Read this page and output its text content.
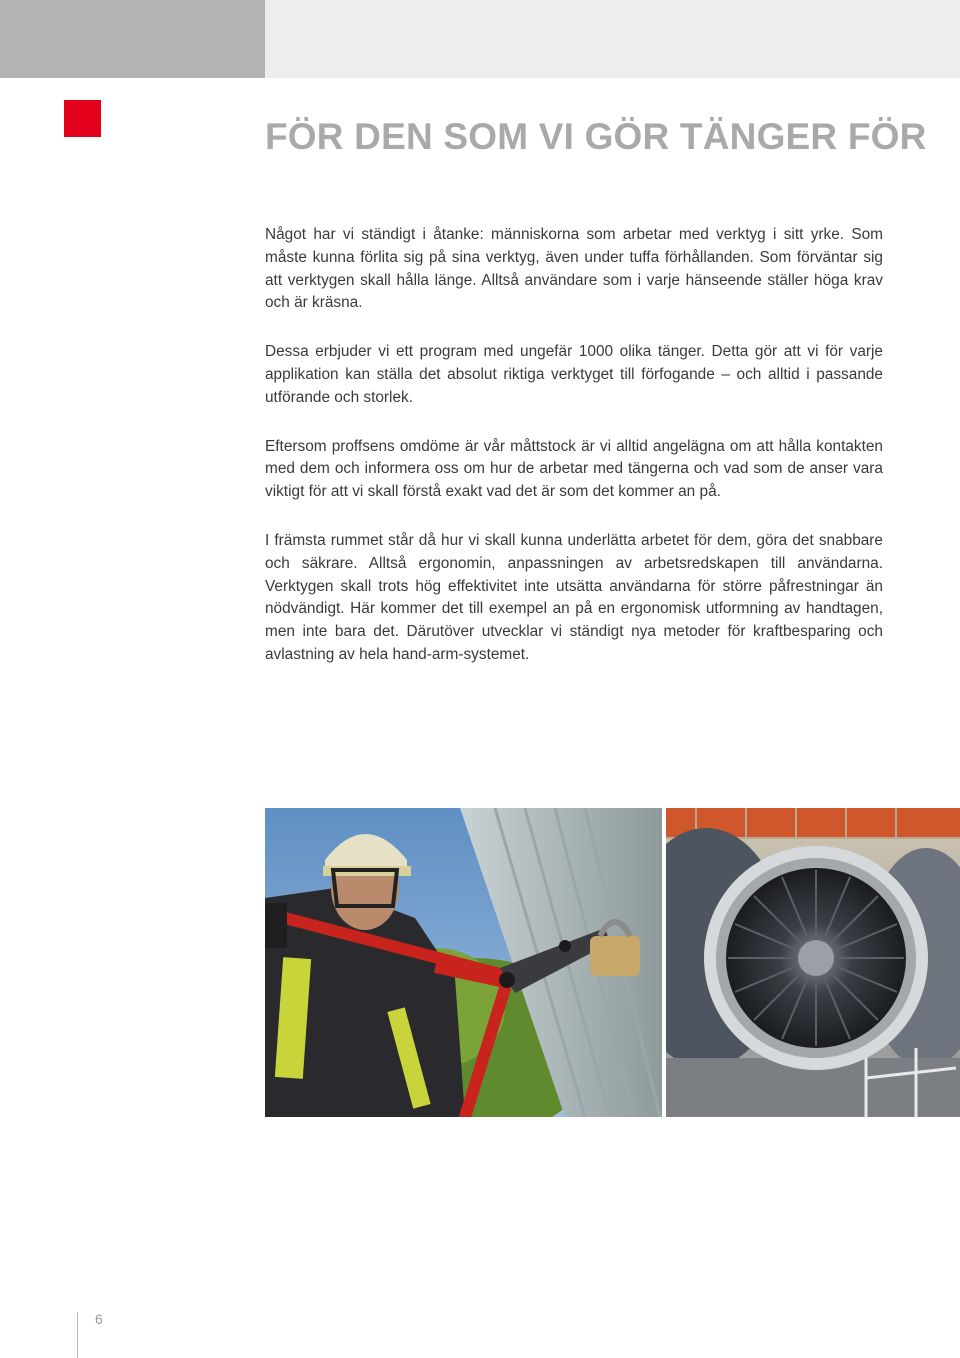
FÖR DEN SOM VI GÖR TÄNGER FÖR

Något har vi ständigt i åtanke: människorna som arbetar med verktyg i sitt yrke. Som måste kunna förlita sig på sina verktyg, även under tuffa förhållanden. Som förväntar sig att verktygen skall hålla länge. Alltså användare som i varje hänseende ställer höga krav och är kräsna.

Dessa erbjuder vi ett program med ungefär 1000 olika tänger. Detta gör att vi för varje applikation kan ställa det absolut riktiga verktyget till förfogande – och alltid i passande utförande och storlek.

Eftersom proffsens omdöme är vår måttstock är vi alltid angelägna om att hålla kontakten med dem och informera oss om hur de arbetar med tängerna och vad som de anser vara viktigt för att vi skall förstå exakt vad det är som det kommer an på.

I främsta rummet står då hur vi skall kunna underlätta arbetet för dem, göra det snabbare och säkrare. Alltså ergonomin, anpassningen av arbetsredskapen till användarna. Verktygen skall trots hög effektivitet inte utsätta användarna för större påfrestningar än nödvändigt. Här kommer det till exempel an på en ergonomisk utformning av handtagen, men inte bara det. Därutöver utvecklar vi ständigt nya metoder för kraftbesparing och avlastning av hela hand-arm-systemet.

6
